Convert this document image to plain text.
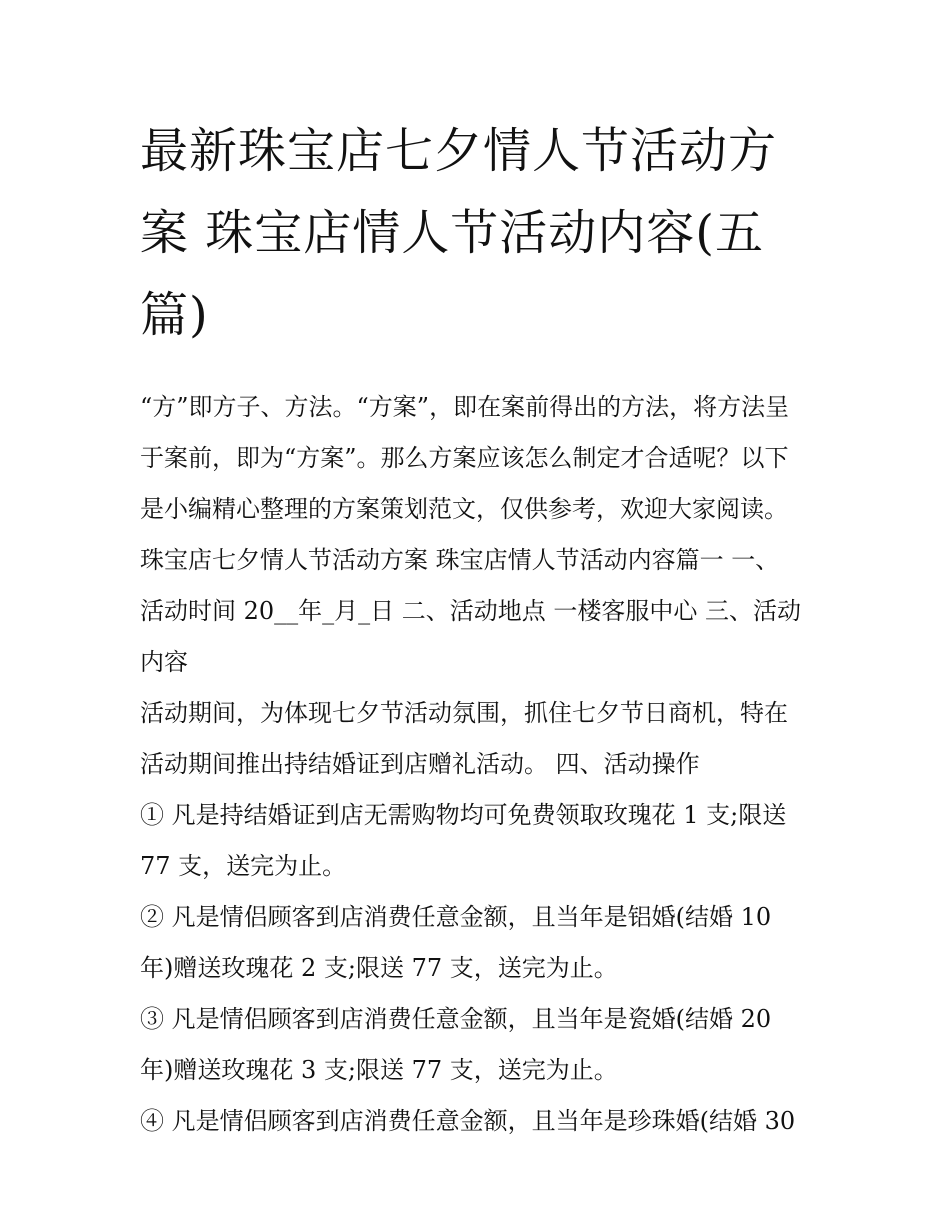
最新珠宝店七夕情人节活动方
案 珠宝店情人节活动内容(五
篇)

“方”即方子、方法。“方案”，即在案前得出的方法，将方法呈
于案前，即为“方案”。那么方案应该怎么制定才合适呢？以下
是小编精心整理的方案策划范文，仅供参考，欢迎大家阅读。
珠宝店七夕情人节活动方案 珠宝店情人节活动内容篇一 一、
活动时间 20__年_月_日 二、活动地点 一楼客服中心 三、活动
内容

活动期间，为体现七夕节活动氛围，抓住七夕节日商机，特在
活动期间推出持结婚证到店赠礼活动。 四、活动操作

① 凡是持结婚证到店无需购物均可免费领取玫瑰花 1 支;限送
77 支，送完为止。

② 凡是情侣顾客到店消费任意金额，且当年是铝婚(结婚 10
年)赠送玫瑰花 2 支;限送 77 支，送完为止。

③ 凡是情侣顾客到店消费任意金额，且当年是瓷婚(结婚 20
年)赠送玫瑰花 3 支;限送 77 支，送完为止。

④ 凡是情侣顾客到店消费任意金额，且当年是珍珠婚(结婚 30
